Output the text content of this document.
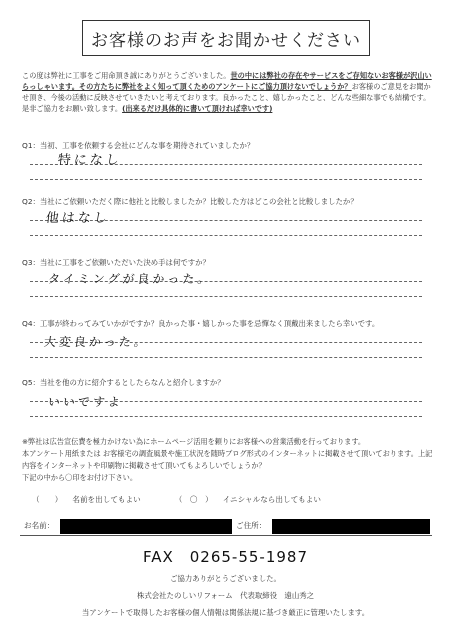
お客様のお声をお聞かせください
この度は弊社に工事をご用命頂き誠にありがとうございました。世の中には弊社の存在やサービスをご存知ないお客様が沢山いらっしゃいます。その方たちに弊社をよく知って頂くためのアンケートにご協力頂けないでしょうか？お客様のご意見をお聞かせ頂き、今後の活動に反映させていきたいと考えております。良かったこと、嬉しかったこと、どんな些細な事でも結構です。是非ご協力をお願い致します。(出来るだけ具体的に書いて頂ければ幸いです)
Q1：当初、工事を依頼する会社にどんな事を期待されていましたか？
特になし
Q2：当社にご依頼いただく際に他社と比較しましたか？比較した方はどこの会社と比較しましたか？
他はなし
Q3：当社に工事をご依頼いただいた決め手は何ですか？
タイミングが良かった。
Q4：工事が終わってみていかがですか？良かった事・嬉しかった事を忌憚なく頂戴出来ましたら幸いです。
大変良かった。
Q5：当社を他の方に紹介するとしたらなんと紹介しますか？
いいですよ
※弊社は広告宣伝費を極力かけない為にホームページ活用を頼りにお客様への営業活動を行っております。
本アンケート用紙または お客様宅の調査風景や施工状況を随時ブログ形式のインターネットに掲載させて頂いております。上記内容をインターネットや印刷物に掲載させて頂いてもよろしいでしょうか？
下記の中から〇印をお付け下さい。
（　　） 名前を出してもよい	（　〇　） イニシャルなら出してもよい
お名前：	ご住所：
FAX　0265-55-1987
ご協力ありがとうございました。
株式会社たのしいリフォーム　代表取締役　遠山秀之
当アンケートで取得したお客様の個人情報は関係法規に基づき厳正に管理いたします。
